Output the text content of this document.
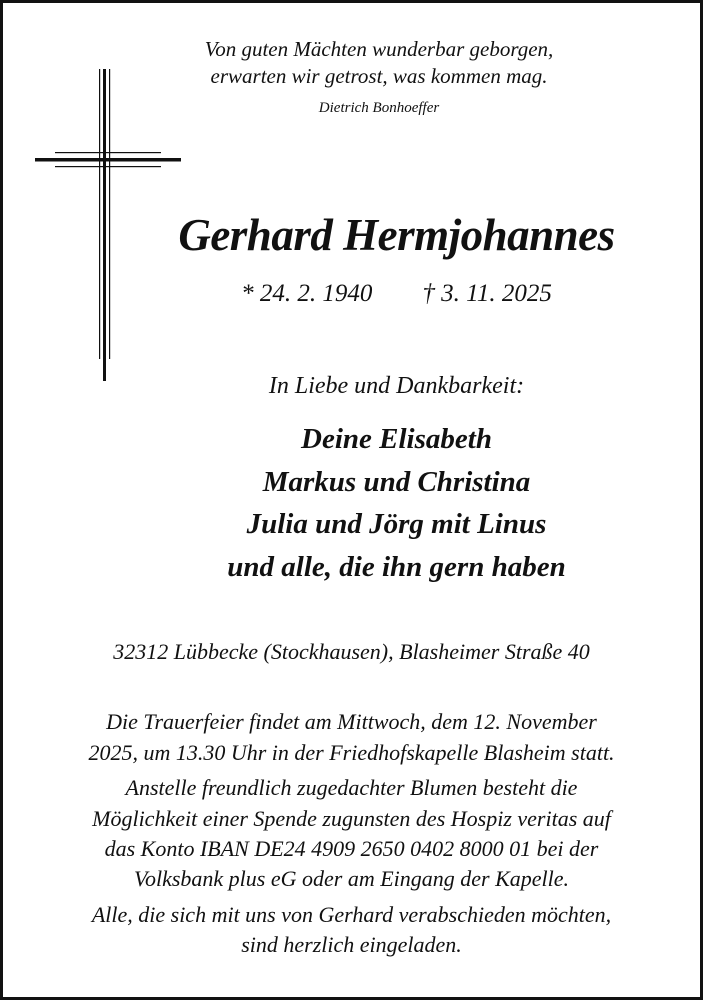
Von guten Mächten wunderbar geborgen,
erwarten wir getrost, was kommen mag.
Dietrich Bonhoeffer
Gerhard Hermjohannes
* 24. 2. 1940 † 3. 11. 2025
In Liebe und Dankbarkeit:
Deine Elisabeth
Markus und Christina
Julia und Jörg mit Linus
und alle, die ihn gern haben
32312 Lübbecke (Stockhausen), Blasheimer Straße 40
Die Trauerfeier findet am Mittwoch, dem 12. November
2025, um 13.30 Uhr in der Friedhofskapelle Blasheim statt.
Anstelle freundlich zugedachter Blumen besteht die
Möglichkeit einer Spende zugunsten des Hospiz veritas auf
das Konto IBAN DE24 4909 2650 0402 8000 01 bei der
Volksbank plus eG oder am Eingang der Kapelle.
Alle, die sich mit uns von Gerhard verabschieden möchten,
sind herzlich eingeladen.
